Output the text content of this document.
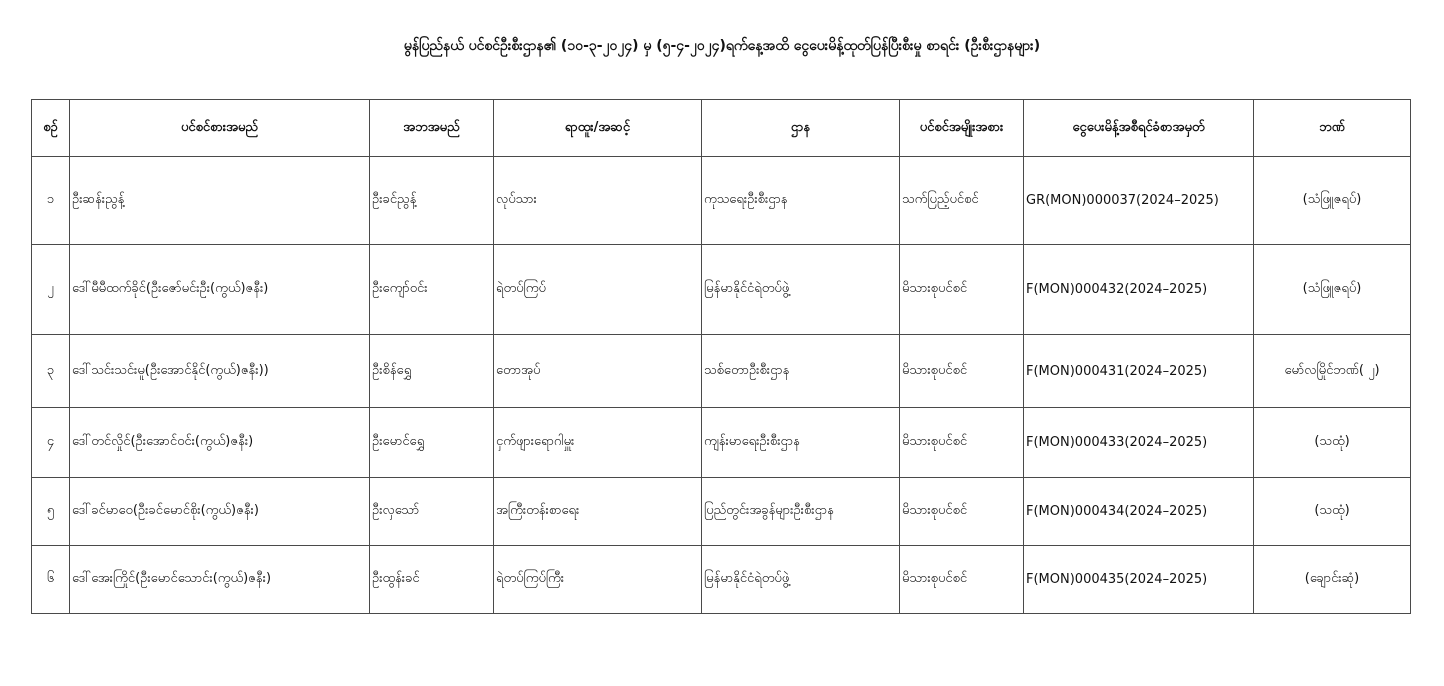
မွန်ပြည်နယ် ပင်စင်ဦးစီးဌာန၏ (၁၀-၃-၂၀၂၄) မှ (၅-၄-၂၀၂၄)ရက်နေ့အထိ ငွေပေးမိန့်ထုတ်ပြန်ပြီးစီးမှု စာရင်း (ဦးစီးဌာနများ)
စဉ်	ပင်စင်စားအမည်	အဘအမည်	ရာထူး/အဆင့်	ဌာန	ပင်စင်အမျိုးအစား	ငွေပေးမိန့်အစီရင်ခံစာအမှတ်	ဘဏ်
၁	ဦးဆန်းညွန့်	ဦးခင်ညွန့်	လုပ်သား	ကုသရေးဦးစီးဌာန	သက်ပြည့်ပင်စင်	GR(MON)000037(2024–2025)	(သံဖြူဇရပ်)
၂	ဒေါ်မီမီထက်ခိုင်(ဦးဇော်မင်းဦး(ကွယ်)ဇနီး)	ဦးကျော်ဝင်း	ရဲတပ်ကြပ်	မြန်မာနိုင်ငံရဲတပ်ဖွဲ့	မိသားစုပင်စင်	F(MON)000432(2024–2025)	(သံဖြူဇရပ်)
၃	ဒေါ်သင်းသင်းမူ(ဦးအောင်နိုင်(ကွယ်)ဇနီး))	ဦးစိန်ရွှေ	တောအုပ်	သစ်တောဦးစီးဌာန	မိသားစုပင်စင်	F(MON)000431(2024–2025)	မော်လမြိုင်ဘဏ်( ၂)
၄	ဒေါ်တင်လှိုင်(ဦးအောင်ဝင်း(ကွယ်)ဇနီး)	ဦးမောင်ရွှေ	ငှက်ဖျားရောဂါမှူး	ကျန်းမာရေးဦးစီးဌာန	မိသားစုပင်စင်	F(MON)000433(2024–2025)	(သထုံ)
၅	ဒေါ်ခင်မာဝေ(ဦးခင်မောင်စိုး(ကွယ်)ဇနီး)	ဦးလှသော်	အကြီးတန်းစာရေး	ပြည်တွင်းအခွန်များဦးစီးဌာန	မိသားစုပင်စင်	F(MON)000434(2024–2025)	(သထုံ)
၆	ဒေါ်အေးကြိုင်(ဦးမောင်သောင်း(ကွယ်)ဇနီး)	ဦးထွန်းခင်	ရဲတပ်ကြပ်ကြီး	မြန်မာနိုင်ငံရဲတပ်ဖွဲ့	မိသားစုပင်စင်	F(MON)000435(2024–2025)	(ချောင်းဆုံ)
